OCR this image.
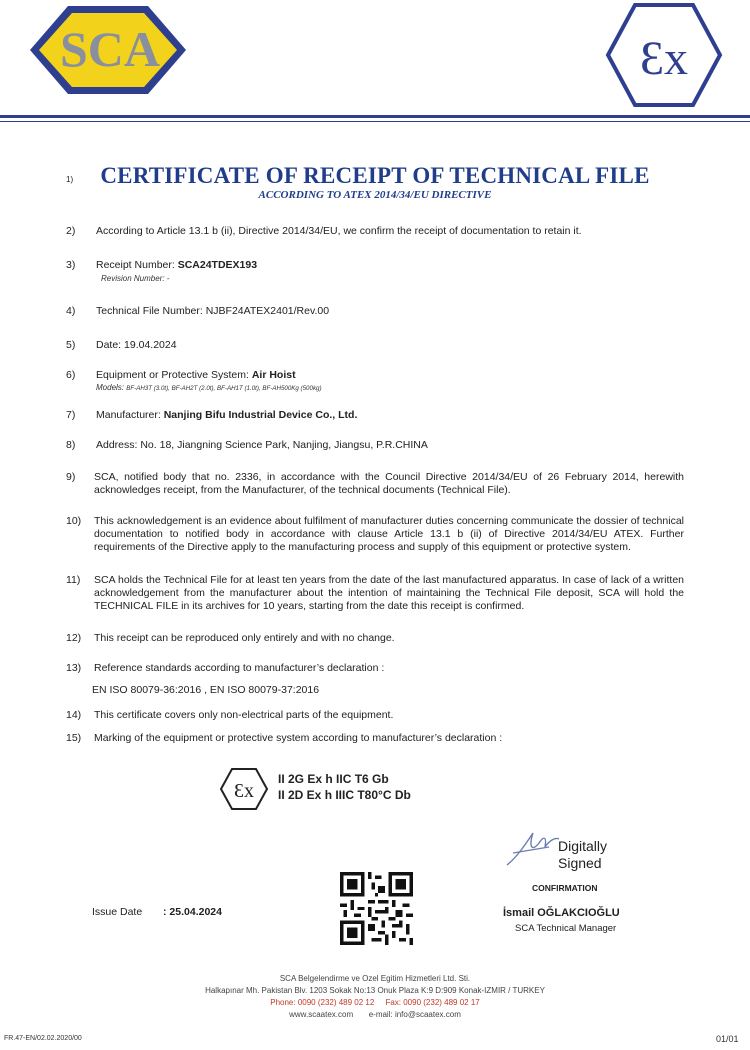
SCA	Ɛx
CERTIFICATE OF RECEIPT OF TECHNICAL FILE
ACCORDING TO ATEX 2014/34/EU DIRECTIVE
1)
2) According to Article 13.1 b (ii), Directive 2014/34/EU, we confirm the receipt of documentation to retain it.
3) Receipt Number: SCA24TDEX193
Revision Number: -
4) Technical File Number: NJBF24ATEX2401/Rev.00
5) Date: 19.04.2024
6) Equipment or Protective System: Air Hoist
Models: BF-AH3T (3.0t), BF-AH2T (2.0t), BF-AH1T (1.0t), BF-AH500Kg (500kg)
7) Manufacturer: Nanjing Bifu Industrial Device Co., Ltd.
8) Address: No. 18, Jiangning Science Park, Nanjing, Jiangsu, P.R.CHINA
9) SCA, notified body that no. 2336, in accordance with the Council Directive 2014/34/EU of 26 February 2014, herewith acknowledges receipt, from the Manufacturer, of the technical documents (Technical File).
10) This acknowledgement is an evidence about fulfilment of manufacturer duties concerning communicate the dossier of technical documentation to notified body in accordance with clause Article 13.1 b (ii) of Directive 2014/34/EU ATEX. Further requirements of the Directive apply to the manufacturing process and supply of this equipment or protective system.
11) SCA holds the Technical File for at least ten years from the date of the last manufactured apparatus. In case of lack of a written acknowledgement from the manufacturer about the intention of maintaining the Technical File deposit, SCA will hold the TECHNICAL FILE in its archives for 10 years, starting from the date this receipt is confirmed.
12) This receipt can be reproduced only entirely and with no change.
13) Reference standards according to manufacturer’s declaration :
EN ISO 80079-36:2016 , EN ISO 80079-37:2016
14) This certificate covers only non-electrical parts of the equipment.
15) Marking of the equipment or protective system according to manufacturer’s declaration :
Ɛx
II 2G Ex h IIC T6 Gb
II 2D Ex h IIIC T80°C Db
Digitally
Signed
CONFIRMATION
İsmail OĞLAKCIOĞLU
SCA Technical Manager
Issue Date : 25.04.2024
SCA Belgelendirme ve Ozel Egitim Hizmetleri Ltd. Sti.
Halkapınar Mh. Pakistan Blv. 1203 Sokak No:13 Onuk Plaza K:9 D:909 Konak-IZMIR / TURKEY
Phone: 0090 (232) 489 02 12 Fax: 0090 (232) 489 02 17
www.scaatex.com e-mail: info@scaatex.com
FR.47-EN/02.02.2020/00	01/01
